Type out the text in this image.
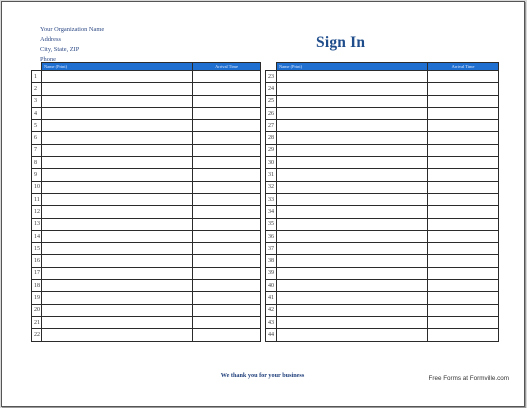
Your Organization Name
Address
City, State, ZIP
Phone
Sign In
	Name (Print)	Arrival Time
1		
2		
3		
4		
5		
6		
7		
8		
9		
10		
11		
12		
13		
14		
15		
16		
17		
18		
19		
20		
21		
22		
	Name (Print)	Arrival Time
23		
24		
25		
26		
27		
28		
29		
30		
31		
32		
33		
34		
35		
36		
37		
38		
39		
40		
41		
42		
43		
44		
We thank you for your business	Free Forms at Formville.com
